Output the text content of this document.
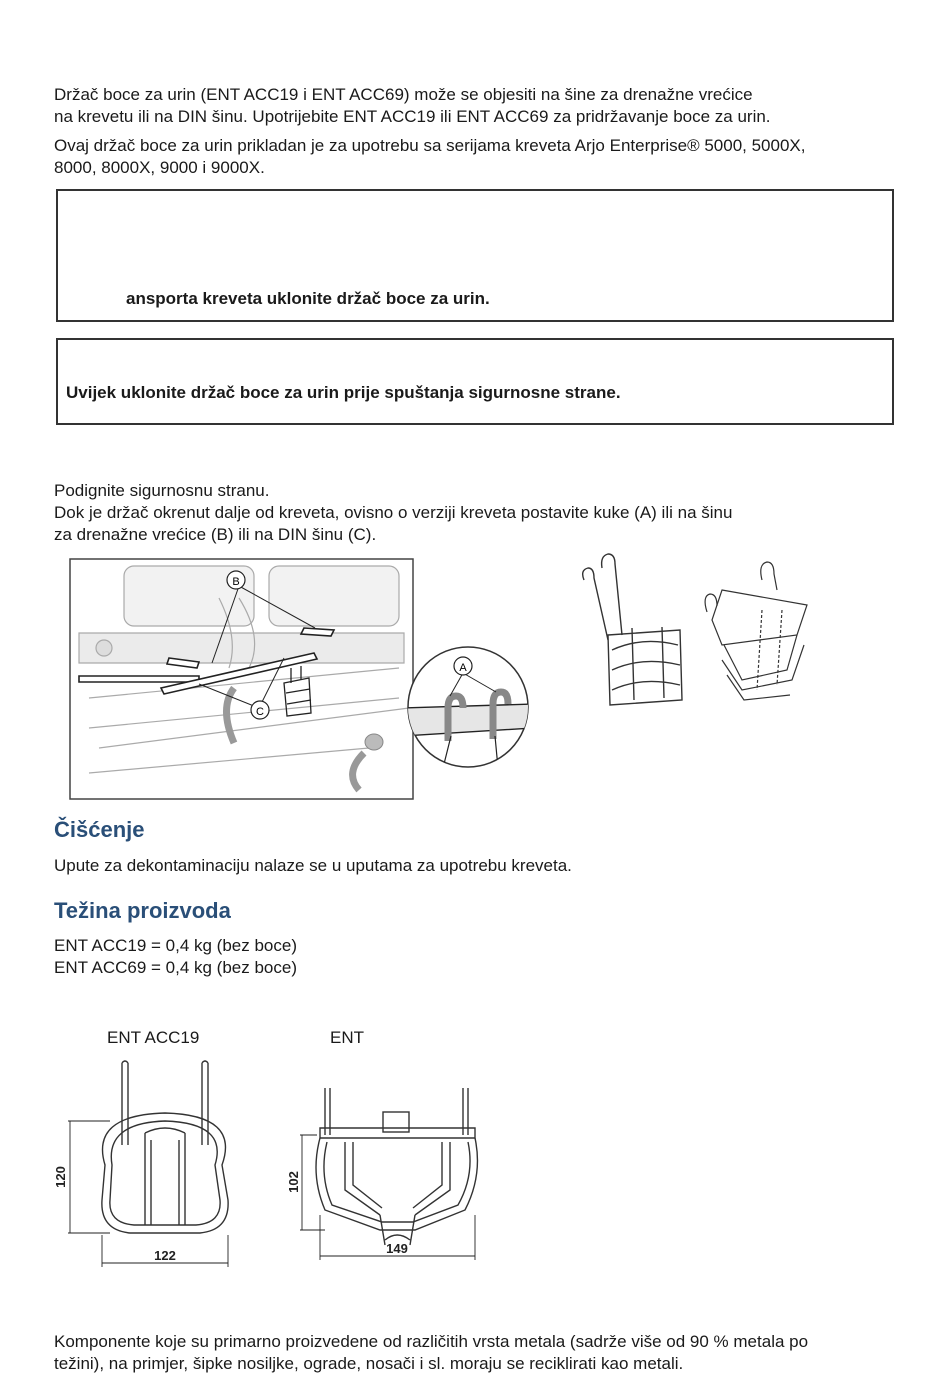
Držač boce za urin (ENT ACC19 i ENT ACC69) može se objesiti na šine za drenažne vrećice
na krevetu ili na DIN šinu. Upotrijebite ENT ACC19 ili ENT ACC69 za pridržavanje boce za urin.
Ovaj držač boce za urin prikladan je za upotrebu sa serijama kreveta Arjo Enterprise® 5000, 5000X,
8000, 8000X, 9000 i 9000X.
ansporta kreveta uklonite držač boce za urin.
Uvijek uklonite držač boce za urin prije spuštanja sigurnosne strane.
Podignite sigurnosnu stranu.
Dok je držač okrenut dalje od kreveta, ovisno o verziji kreveta postavite kuke (A) ili na šinu
za drenažne vrećice (B) ili na DIN šinu (C).
B
C
A
Čišćenje
Upute za dekontaminaciju nalaze se u uputama za upotrebu kreveta.
Težina proizvoda
ENT ACC19 = 0,4 kg (bez boce)
ENT ACC69 = 0,4 kg (bez boce)
ENT ACC19	ENT
120
122
102
149
Komponente koje su primarno proizvedene od različitih vrsta metala (sadrže više od 90 % metala po
težini), na primjer, šipke nosiljke, ograde, nosači i sl. moraju se reciklirati kao metali.
